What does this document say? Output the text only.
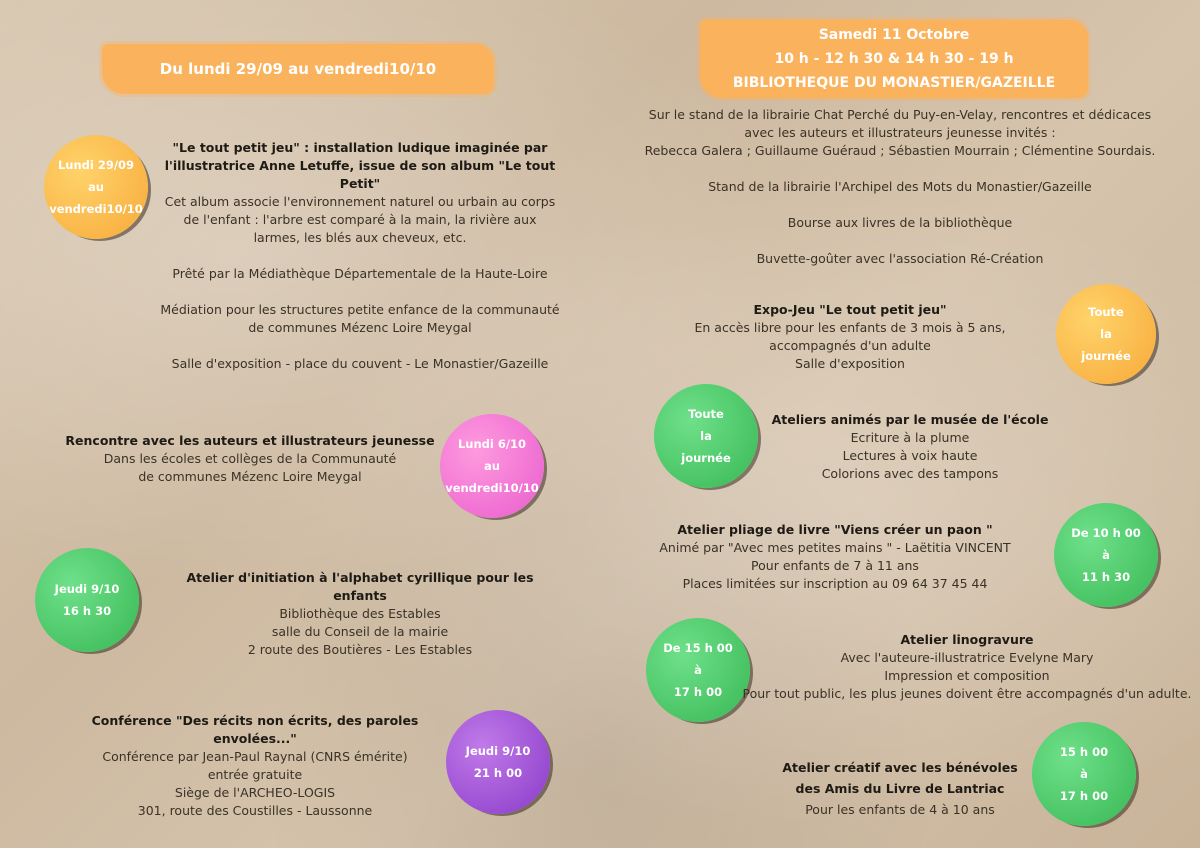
Du lundi 29/09 au vendredi10/10
Lundi 29/09
au
vendredi10/10

"Le tout petit jeu" : installation ludique imaginée par

l'illustratrice Anne Letuffe, issue de son album "Le tout Petit"

Cet album associe l'environnement naturel ou urbain au corps

de l'enfant : l'arbre est comparé à la main, la rivière aux

larmes, les blés aux cheveux, etc.

Prêté par la Médiathèque Départementale de la Haute-Loire

Médiation pour les structures petite enfance de la communauté

de communes Mézenc Loire Meygal

Salle d'exposition - place du couvent - Le Monastier/Gazeille

Rencontre avec les auteurs et illustrateurs jeunesse

Dans les écoles et collèges de la Communauté

de communes Mézenc Loire Meygal

Lundi 6/10
au
vendredi10/10
Jeudi 9/10
16 h 30

Atelier d'initiation à l'alphabet cyrillique pour les enfants

Bibliothèque des Estables

salle du Conseil de la mairie

2 route des Boutières - Les Estables

Conférence "Des récits non écrits, des paroles envolées..."

Conférence par Jean-Paul Raynal (CNRS émérite)

entrée gratuite

Siège de l'ARCHEO-LOGIS

301, route des Coustilles - Laussonne

Jeudi 9/10
21 h 00
Samedi 11 Octobre
10 h - 12 h 30 & 14 h 30 - 19 h
BIBLIOTHEQUE DU MONASTIER/GAZEILLE

Sur le stand de la librairie Chat Perché du Puy-en-Velay, rencontres et dédicaces

avec les auteurs et illustrateurs jeunesse invités :

Rebecca Galera ; Guillaume Guéraud ; Sébastien Mourrain ; Clémentine Sourdais.

Stand de la librairie l'Archipel des Mots du Monastier/Gazeille

Bourse aux livres de la bibliothèque

Buvette-goûter avec l'association Ré-Création

Expo-Jeu "Le tout petit jeu"

En accès libre pour les enfants de 3 mois à 5 ans,

accompagnés d'un adulte

Salle d'exposition

Toute
la
journée
Toute
la
journée

Ateliers animés par le musée de l'école

Ecriture à la plume

Lectures à voix haute

Colorions avec des tampons

Atelier pliage de livre "Viens créer un paon "

Animé par "Avec mes petites mains " - Laëtitia VINCENT

Pour enfants de 7 à 11 ans

Places limitées sur inscription au 09 64 37 45 44

De 10 h 00
à
11 h 30
De 15 h 00
à
17 h 00

Atelier linogravure

Avec l'auteure-illustratrice Evelyne Mary

Impression et composition

Pour tout public, les plus jeunes doivent être accompagnés d'un adulte.

Atelier créatif avec les bénévoles

des Amis du Livre de Lantriac

Pour les enfants de 4 à 10 ans

15 h 00
à
17 h 00
